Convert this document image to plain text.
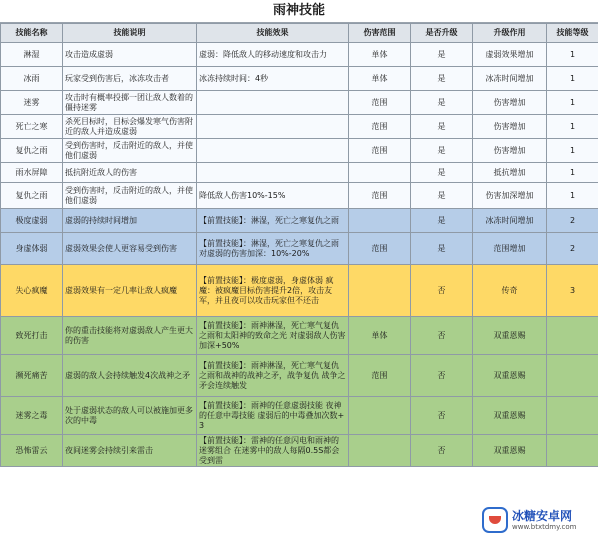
雨神技能
技能名称	技能说明	技能效果	伤害范围	是否升级	升级作用	技能等级
淋湿	攻击造成虚弱	虚弱：降低敌人的移动速度和攻击力	单体	是	虚弱效果增加	1
冰雨	玩家受到伤害后，冰冻攻击者	冰冻持续时间：4秒	单体	是	冰冻时间增加	1
迷雾	攻击时有概率投掷一团让敌人数着的僵持迷雾		范围	是	伤害增加	1
死亡之寒	杀死目标时，目标会爆发寒气伤害附近的敌人并造成虚弱		范围	是	伤害增加	1
复仇之雨	受到伤害时，反击附近的敌人，并使他们虚弱		范围	是	伤害增加	1
雨水屏障	抵抗附近敌人的伤害			是	抵抗增加	1
复仇之雨	受到伤害时，反击附近的敌人，并使他们虚弱	降低敌人伤害10%-15%	范围	是	伤害加深增加	1
极度虚弱	虚弱的持续时间增加	【前置技能】：淋湿，死亡之寒复仇之雨		是	冰冻时间增加	2
身虚体弱	虚弱效果会使人更容易受到伤害	【前置技能】：淋湿，死亡之寒复仇之雨 对虚弱的伤害加深：10%-20%	范围	是	范围增加	2
失心疯魔	虚弱效果有一定几率让敌人疯魔	【前置技能】：极度虚弱，身虚体弱 疯魔：被疯魔目标伤害提升2倍，攻击友军，并且夜可以攻击玩家但不还击		否	传奇	3
致死打击	你的重击技能将对虚弱敌人产生更大的伤害	【前置技能】：雨神淋湿，死亡寒气复仇之雨和太阳神的致命之光 对虚弱敌人伤害加深+50%	单体	否	双重恩赐	
濒死痛苦	虚弱的敌人会持续触发4次战神之矛	【前置技能】：雨神淋湿，死亡寒气复仇之雨和战神的战神之矛，战争复仇 战争之矛会连续触发	范围	否	双重恩赐	
迷雾之毒	处于虚弱状态的敌人可以被施加更多次的中毒	【前置技能】：雨神的任意虚弱技能 夜神的任意中毒技能 虚弱后的中毒叠加次数+3		否	双重恩赐	
恐怖雷云	夜间迷雾会持续引来雷击	【前置技能】：雷神的任意闪电和雨神的迷雾组合 在迷雾中的敌人每隔0.5S都会受到雷		否	双重恩赐	
冰糖安卓网
www.btxtdmy.com
